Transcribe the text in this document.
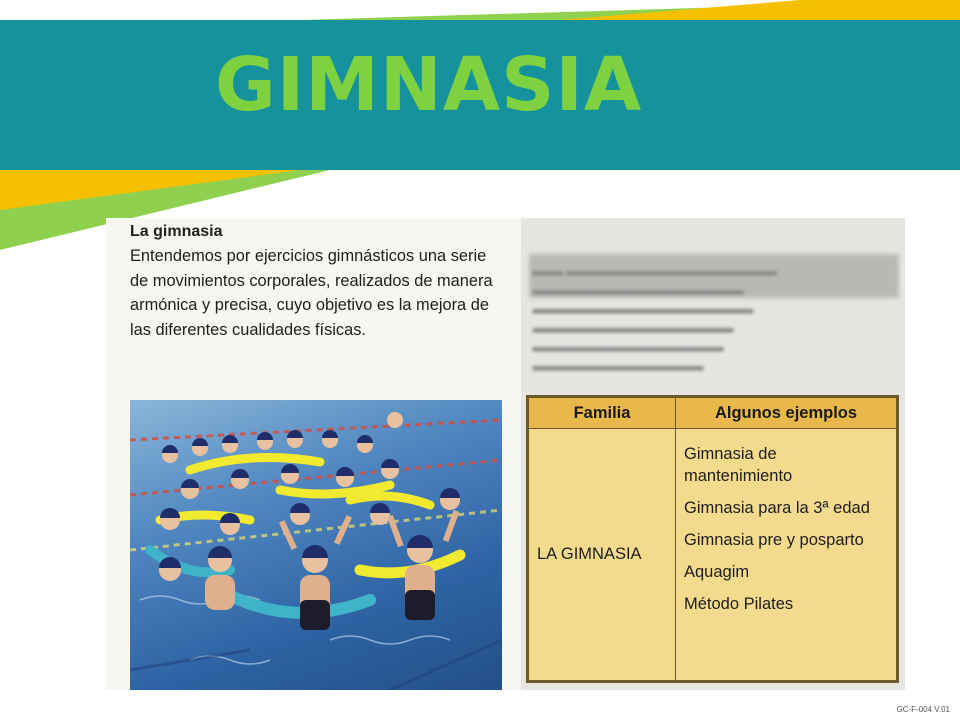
GIMNASIA
▂▂▂ ▂▂▂▂▂▂▂▂▂▂▂▂▂▂▂▂▂▂▂▂▂
▂▂▂▂▂▂▂▂▂▂▂▂▂▂▂▂▂▂▂▂▂
▂▂▂▂▂▂▂▂▂▂▂▂▂▂▂▂▂▂▂▂▂▂
▂▂▂▂▂▂▂▂▂▂▂▂▂▂▂▂▂▂▂▂
▂▂▂▂▂▂▂▂▂▂▂▂▂▂▂▂▂▂▂
▂▂▂▂▂▂▂▂▂▂▂▂▂▂▂▂▂
La gimnasia
Entendemos por ejercicios gimnásticos una serie de movimientos corporales, realizados de manera armónica y precisa, cuyo objetivo es la mejora de las diferentes cualidades físicas.
Familia	Algunos ejemplos
LA GIMNASIA	Gimnasia de mantenimiento
Gimnasia para la 3ª edad
Gimnasia pre y posparto
Aquagim
Método Pilates
GC-F-004 V.01
